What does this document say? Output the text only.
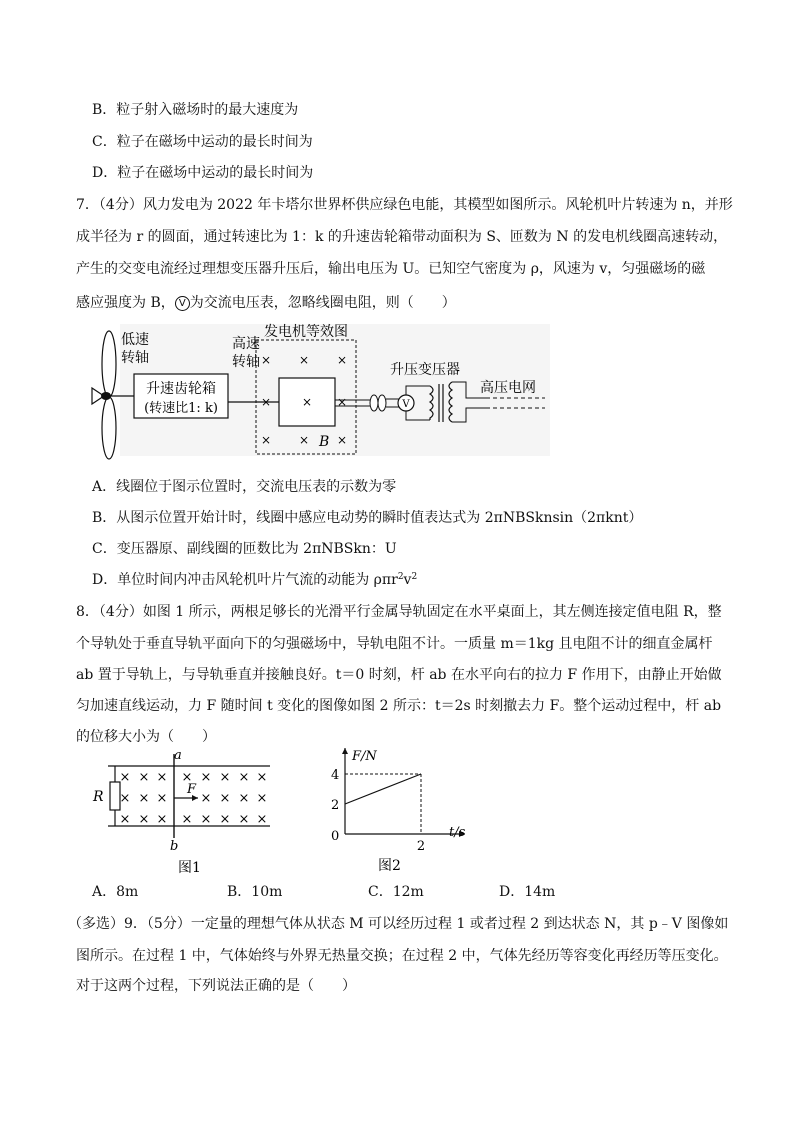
B．粒子射入磁场时的最大速度为
C．粒子在磁场中运动的最长时间为
D．粒子在磁场中运动的最长时间为
7．（4分）风力发电为 2022 年卡塔尔世界杯供应绿色电能，其模型如图所示。风轮机叶片转速为 n，并形
成半径为 r 的圆面，通过转速比为 1：k 的升速齿轮箱带动面积为 S、匝数为 N 的发电机线圈高速转动，
产生的交变电流经过理想变压器升压后，输出电压为 U。已知空气密度为 ρ，风速为 v，匀强磁场的磁
感应强度为 B， V 为交流电压表，忽略线圈电阻，则（　　）
低速
转轴
升速齿轮箱
(转速比1: k)
高速
转轴
发电机等效图
× × ×
×	×
× × ×
×
B
V
升压变压器
高压电网
A．线圈位于图示位置时，交流电压表的示数为零
B．从图示位置开始计时，线圈中感应电动势的瞬时值表达式为 2πNBSknsin（2πknt）
C．变压器原、副线圈的匝数比为 2πNBSkn：U
D．单位时间内冲击风轮机叶片气流的动能为 $\rho\pi r^2v^2$
8．（4分）如图 1 所示，两根足够长的光滑平行金属导轨固定在水平桌面上，其左侧连接定值电阻 R，整
个导轨处于垂直导轨平面向下的匀强磁场中，导轨电阻不计。一质量 m＝1kg 且电阻不计的细直金属杆
ab 置于导轨上，与导轨垂直并接触良好。t＝0 时刻，杆 ab 在水平向右的拉力 F 作用下，由静止开始做
匀加速直线运动，力 F 随时间 t 变化的图像如图 2 所示：t＝2s 时刻撤去力 F。整个运动过程中，杆 ab
的位移大小为（　　）
a
R
× × × × × × × ×
× × ×	× × × ×
× × × × × × × ×
F
b
图1
F/N
t/s
0
4
2
2
图2
A．8m	B．10m	C．12m	D．14m
（多选）9．（5分）一定量的理想气体从状态 M 可以经历过程 1 或者过程 2 到达状态 N，其 p﹣V 图像如
图所示。在过程 1 中，气体始终与外界无热量交换；在过程 2 中，气体先经历等容变化再经历等压变化。
对于这两个过程，下列说法正确的是（　　）
